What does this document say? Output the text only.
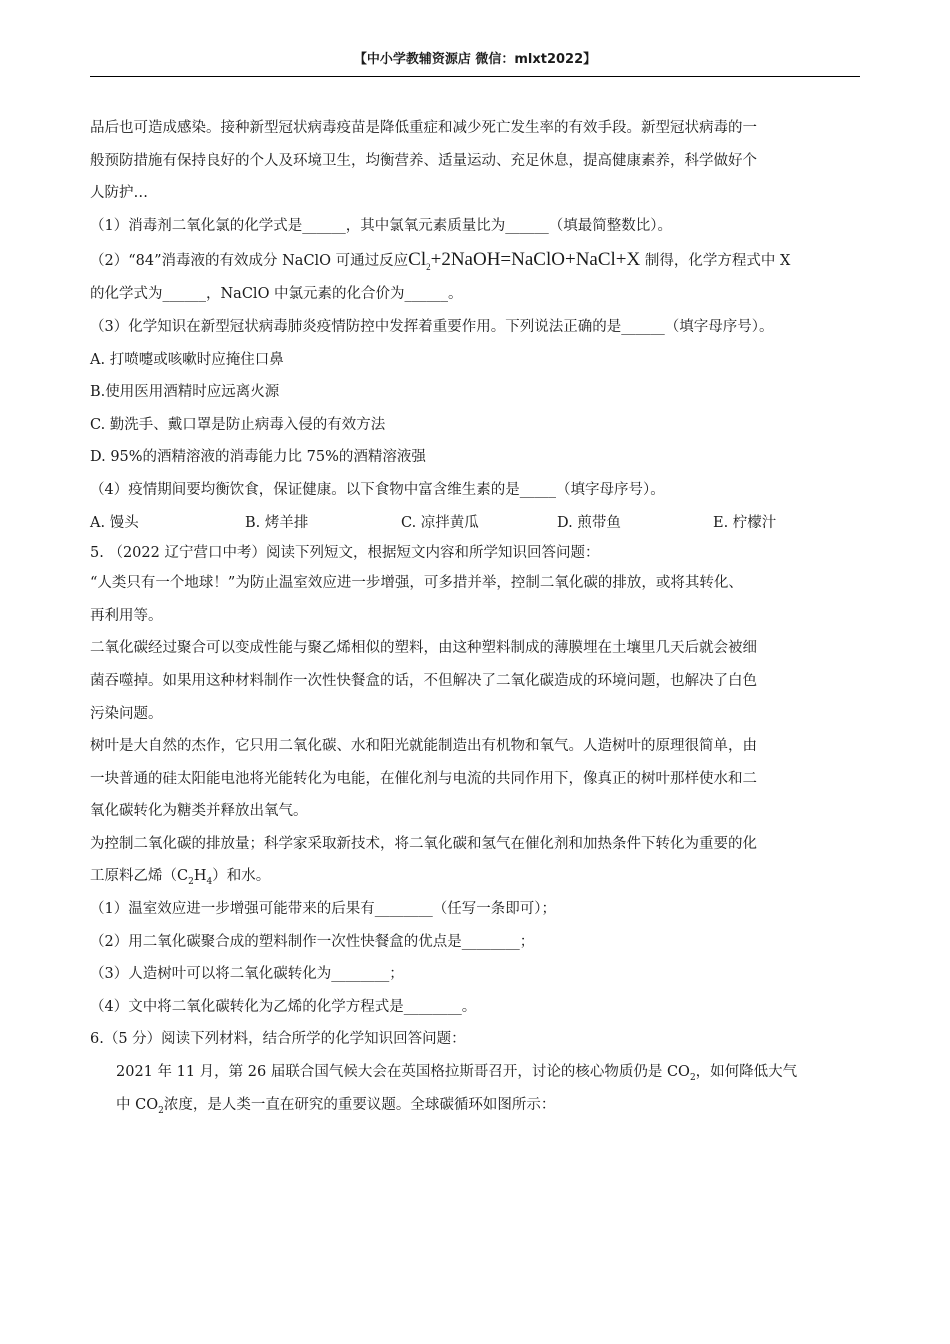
【中小学教辅资源店 微信：mlxt2022】
品后也可造成感染。接种新型冠状病毒疫苗是降低重症和减少死亡发生率的有效手段。新型冠状病毒的一
般预防措施有保持良好的个人及环境卫生，均衡营养、适量运动、充足休息，提高健康素养，科学做好个
人防护…
（1）消毒剂二氧化氯的化学式是______，其中氯氧元素质量比为______（填最简整数比）。
（2）“84”消毒液的有效成分 NaClO 可通过反应$Cl_2+2NaOH=NaClO+NaCl+X$ 制得，化学方程式中 X
的化学式为______，NaClO 中氯元素的化合价为______。
（3）化学知识在新型冠状病毒肺炎疫情防控中发挥着重要作用。下列说法正确的是______（填字母序号）。
A. 打喷嚏或咳嗽时应掩住口鼻
B.使用医用酒精时应远离火源
C. 勤洗手、戴口罩是防止病毒入侵的有效方法
D. 95%的酒精溶液的消毒能力比 75%的酒精溶液强
（4）疫情期间要均衡饮食，保证健康。以下食物中富含维生素的是_____（填字母序号）。
A. 馒头	B. 烤羊排	C. 凉拌黄瓜	D. 煎带鱼	E. 柠檬汁
5. （2022 辽宁营口中考）阅读下列短文，根据短文内容和所学知识回答问题：
“人类只有一个地球！”为防止温室效应进一步增强，可多措并举，控制二氧化碳的排放，或将其转化、
再利用等。
二氧化碳经过聚合可以变成性能与聚乙烯相似的塑料，由这种塑料制成的薄膜埋在土壤里几天后就会被细
菌吞噬掉。如果用这种材料制作一次性快餐盒的话，不但解决了二氧化碳造成的环境问题，也解决了白色
污染问题。
树叶是大自然的杰作，它只用二氧化碳、水和阳光就能制造出有机物和氧气。人造树叶的原理很简单，由
一块普通的硅太阳能电池将光能转化为电能，在催化剂与电流的共同作用下，像真正的树叶那样使水和二
氧化碳转化为糖类并释放出氧气。
为控制二氧化碳的排放量；科学家采取新技术，将二氧化碳和氢气在催化剂和加热条件下转化为重要的化
工原料乙烯$(C_2H_4)$和水。
（1）温室效应进一步增强可能带来的后果有________（任写一条即可）；
（2）用二氧化碳聚合成的塑料制作一次性快餐盒的优点是________；
（3）人造树叶可以将二氧化碳转化为________；
（4）文中将二氧化碳转化为乙烯的化学方程式是________。
6.（5 分）阅读下列材料，结合所学的化学知识回答问题：
2021 年 11 月，第 26 届联合国气候大会在英国格拉斯哥召开，讨论的核心物质仍是 $CO_2$，如何降低大气
中 $CO_2$浓度，是人类一直在研究的重要议题。全球碳循环如图所示：
